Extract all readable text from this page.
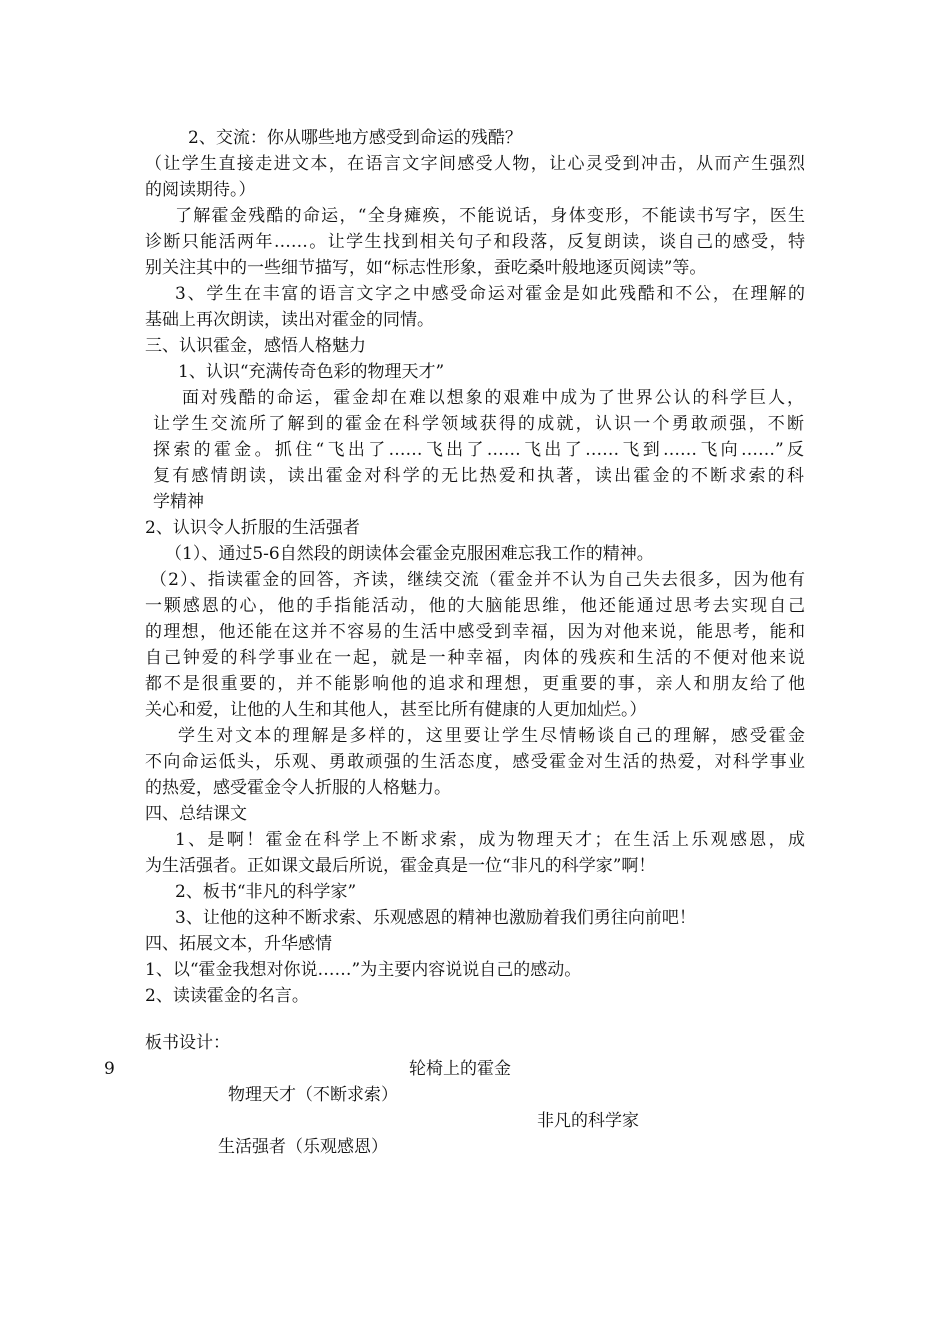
2、交流：你从哪些地方感受到命运的残酷？
（让学生直接走进文本，在语言文字间感受人物，让心灵受到冲击，从而产生强烈
的阅读期待。）
了解霍金残酷的命运，“全身瘫痪，不能说话，身体变形，不能读书写字，医生
诊断只能活两年……。让学生找到相关句子和段落，反复朗读，谈自己的感受，特
别关注其中的一些细节描写，如“标志性形象，蚕吃桑叶般地逐页阅读”等。
3、学生在丰富的语言文字之中感受命运对霍金是如此残酷和不公，在理解的
基础上再次朗读，读出对霍金的同情。
三、认识霍金，感悟人格魅力
1、认识“充满传奇色彩的物理天才”
面对残酷的命运，霍金却在难以想象的艰难中成为了世界公认的科学巨人，
让学生交流所了解到的霍金在科学领域获得的成就，认识一个勇敢顽强，不断
探索的霍金。抓住“飞出了……飞出了……飞出了……飞到……飞向……”反
复有感情朗读，读出霍金对科学的无比热爱和执著，读出霍金的不断求索的科
学精神
2、认识令人折服的生活强者
（1）、通过5-6自然段的朗读体会霍金克服困难忘我工作的精神。
（2）、指读霍金的回答，齐读，继续交流（霍金并不认为自己失去很多，因为他有
一颗感恩的心，他的手指能活动，他的大脑能思维，他还能通过思考去实现自己
的理想，他还能在这并不容易的生活中感受到幸福，因为对他来说，能思考，能和
自己钟爱的科学事业在一起，就是一种幸福，肉体的残疾和生活的不便对他来说
都不是很重要的，并不能影响他的追求和理想，更重要的事，亲人和朋友给了他
关心和爱，让他的人生和其他人，甚至比所有健康的人更加灿烂。）
学生对文本的理解是多样的，这里要让学生尽情畅谈自己的理解，感受霍金
不向命运低头，乐观、勇敢顽强的生活态度，感受霍金对生活的热爱，对科学事业
的热爱，感受霍金令人折服的人格魅力。
四、总结课文
1、是啊！霍金在科学上不断求索，成为物理天才；在生活上乐观感恩，成
为生活强者。正如课文最后所说，霍金真是一位“非凡的科学家”啊！
2、板书“非凡的科学家”
3、让他的这种不断求索、乐观感恩的精神也激励着我们勇往向前吧！
四、拓展文本，升华感情
1、以“霍金我想对你说……”为主要内容说说自己的感动。
2、读读霍金的名言。
板书设计：
9	轮椅上的霍金
物理天才（不断求索）
非凡的科学家
生活强者（乐观感恩）
